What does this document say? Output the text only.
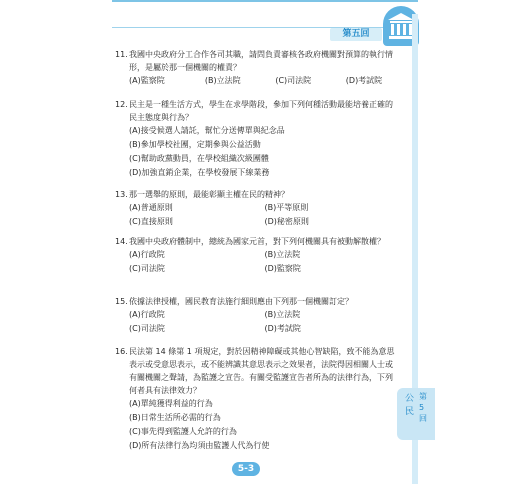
第五回
公民
第5回
11. 我國中央政府分工合作各司其職，請問負責審核各政府機關對預算的執行情形，是屬於那一個機關的權責？
(A)監察院	(B)立法院	(C)司法院	(D)考試院
12. 民主是一種生活方式，學生在求學階段，參加下列何種活動最能培養正確的民主態度與行為？
(A)接受候選人請託，幫忙分送傳單與紀念品
(B)參加學校社團，定期參與公益活動
(C)幫助政黨動員，在學校組織次級團體
(D)加強直銷企業，在學校發展下線業務
13. 那一選舉的原則，最能彰顯主權在民的精神？
(A)普通原則	(B)平等原則
(C)直接原則	(D)秘密原則
14. 我國中央政府體制中，總統為國家元首，對下列何機關具有被動解散權？
(A)行政院	(B)立法院
(C)司法院	(D)監察院
15. 依據法律授權，國民教育法施行細則應由下列那一個機關訂定？
(A)行政院	(B)立法院
(C)司法院	(D)考試院
16. 民法第 14 條第 1 項規定，對於因精神障礙或其他心智缺陷，致不能為意思表示或受意思表示，或不能辨識其意思表示之效果者，法院得因相關人士或有關機關之聲請，為監護之宣告。有關受監護宣告者所為的法律行為，下列何者具有法律效力？
(A)單純獲得利益的行為
(B)日常生活所必需的行為
(C)事先得到監護人允許的行為
(D)所有法律行為均須由監護人代為行使
5-3
